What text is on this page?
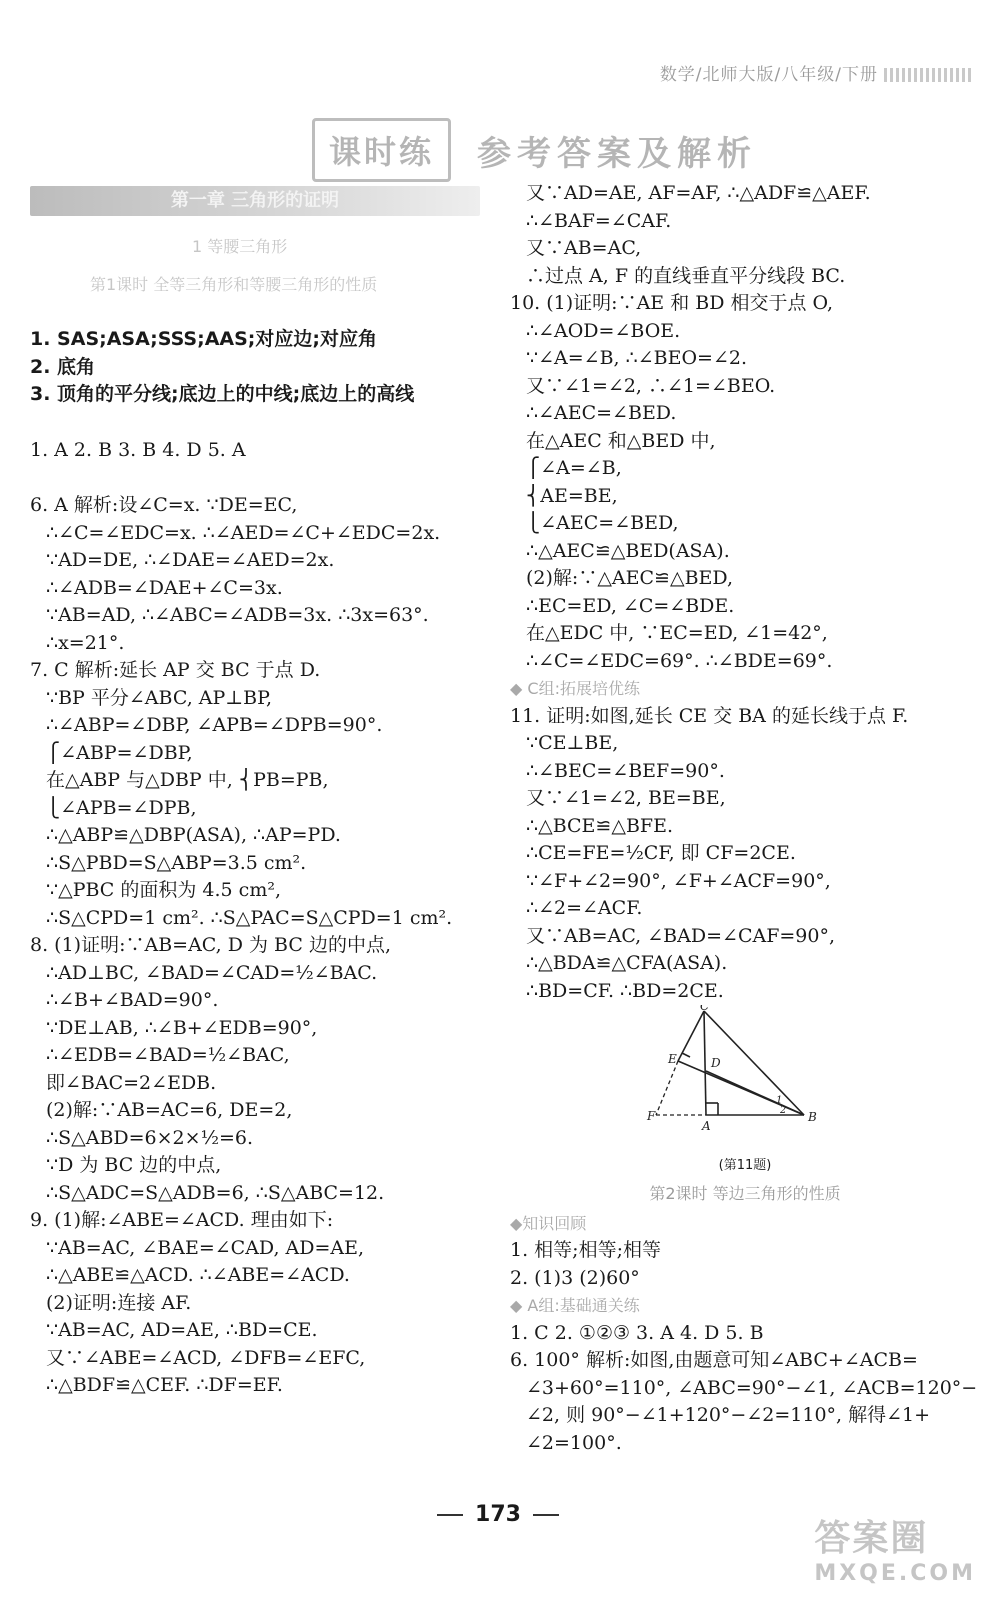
数学/北师大版/八年级/下册
课时练	参考答案及解析
第一章 三角形的证明
1 等腰三角形
第1课时 全等三角形和等腰三角形的性质
1. SAS;ASA;SSS;AAS;对应边;对应角
2. 底角
3. 顶角的平分线;底边上的中线;底边上的高线
1. A 2. B 3. B 4. D 5. A
6. A 解析:设∠C=x. ∵DE=EC,
∴∠C=∠EDC=x. ∴∠AED=∠C+∠EDC=2x.
∵AD=DE, ∴∠DAE=∠AED=2x.
∴∠ADB=∠DAE+∠C=3x.
∵AB=AD, ∴∠ABC=∠ADB=3x. ∴3x=63°.
∴x=21°.
7. C 解析:延长 AP 交 BC 于点 D.
∵BP 平分∠ABC, AP⊥BP,
∴∠ABP=∠DBP, ∠APB=∠DPB=90°.
⎧∠ABP=∠DBP,
在△ABP 与△DBP 中, ⎨PB=PB,
⎩∠APB=∠DPB,
∴△ABP≌△DBP(ASA), ∴AP=PD.
∴S△PBD=S△ABP=3.5 cm².
∵△PBC 的面积为 4.5 cm²,
∴S△CPD=1 cm². ∴S△PAC=S△CPD=1 cm².
8. (1)证明:∵AB=AC, D 为 BC 边的中点,
∴AD⊥BC, ∠BAD=∠CAD=½∠BAC.
∴∠B+∠BAD=90°.
∵DE⊥AB, ∴∠B+∠EDB=90°,
∴∠EDB=∠BAD=½∠BAC,
即∠BAC=2∠EDB.
(2)解:∵AB=AC=6, DE=2,
∴S△ABD=6×2×½=6.
∵D 为 BC 边的中点,
∴S△ADC=S△ADB=6, ∴S△ABC=12.
9. (1)解:∠ABE=∠ACD. 理由如下:
∵AB=AC, ∠BAE=∠CAD, AD=AE,
∴△ABE≌△ACD. ∴∠ABE=∠ACD.
(2)证明:连接 AF.
∵AB=AC, AD=AE, ∴BD=CE.
又∵∠ABE=∠ACD, ∠DFB=∠EFC,
∴△BDF≌△CEF. ∴DF=EF.
又∵AD=AE, AF=AF, ∴△ADF≌△AEF.
∴∠BAF=∠CAF.
又∵AB=AC,
∴过点 A, F 的直线垂直平分线段 BC.
10. (1)证明:∵AE 和 BD 相交于点 O,
∴∠AOD=∠BOE.
∵∠A=∠B, ∴∠BEO=∠2.
又∵∠1=∠2, ∴∠1=∠BEO.
∴∠AEC=∠BED.
在△AEC 和△BED 中,
⎧∠A=∠B,
⎨AE=BE,
⎩∠AEC=∠BED,
∴△AEC≌△BED(ASA).
(2)解:∵△AEC≌△BED,
∴EC=ED, ∠C=∠BDE.
在△EDC 中, ∵EC=ED, ∠1=42°,
∴∠C=∠EDC=69°. ∴∠BDE=69°.
◆ C组:拓展培优练
11. 证明:如图,延长 CE 交 BA 的延长线于点 F.
∵CE⊥BE,
∴∠BEC=∠BEF=90°.
又∵∠1=∠2, BE=BE,
∴△BCE≌△BFE.
∴CE=FE=½CF, 即 CF=2CE.
∵∠F+∠2=90°, ∠F+∠ACF=90°,
∴∠2=∠ACF.
又∵AB=AC, ∠BAD=∠CAF=90°,
∴△BDA≌△CFA(ASA).
∴BD=CF. ∴BD=2CE.
C
E	D
F
A
B
1
2
(第11题)
第2课时 等边三角形的性质
◆知识回顾
1. 相等;相等;相等
2. (1)3 (2)60°
◆ A组:基础通关练
1. C 2. ①②③ 3. A 4. D 5. B
6. 100° 解析:如图,由题意可知∠ABC+∠ACB=
∠3+60°=110°, ∠ABC=90°−∠1, ∠ACB=120°−
∠2, 则 90°−∠1+120°−∠2=110°, 解得∠1+
∠2=100°.
173
答案圈
MXQE.COM
